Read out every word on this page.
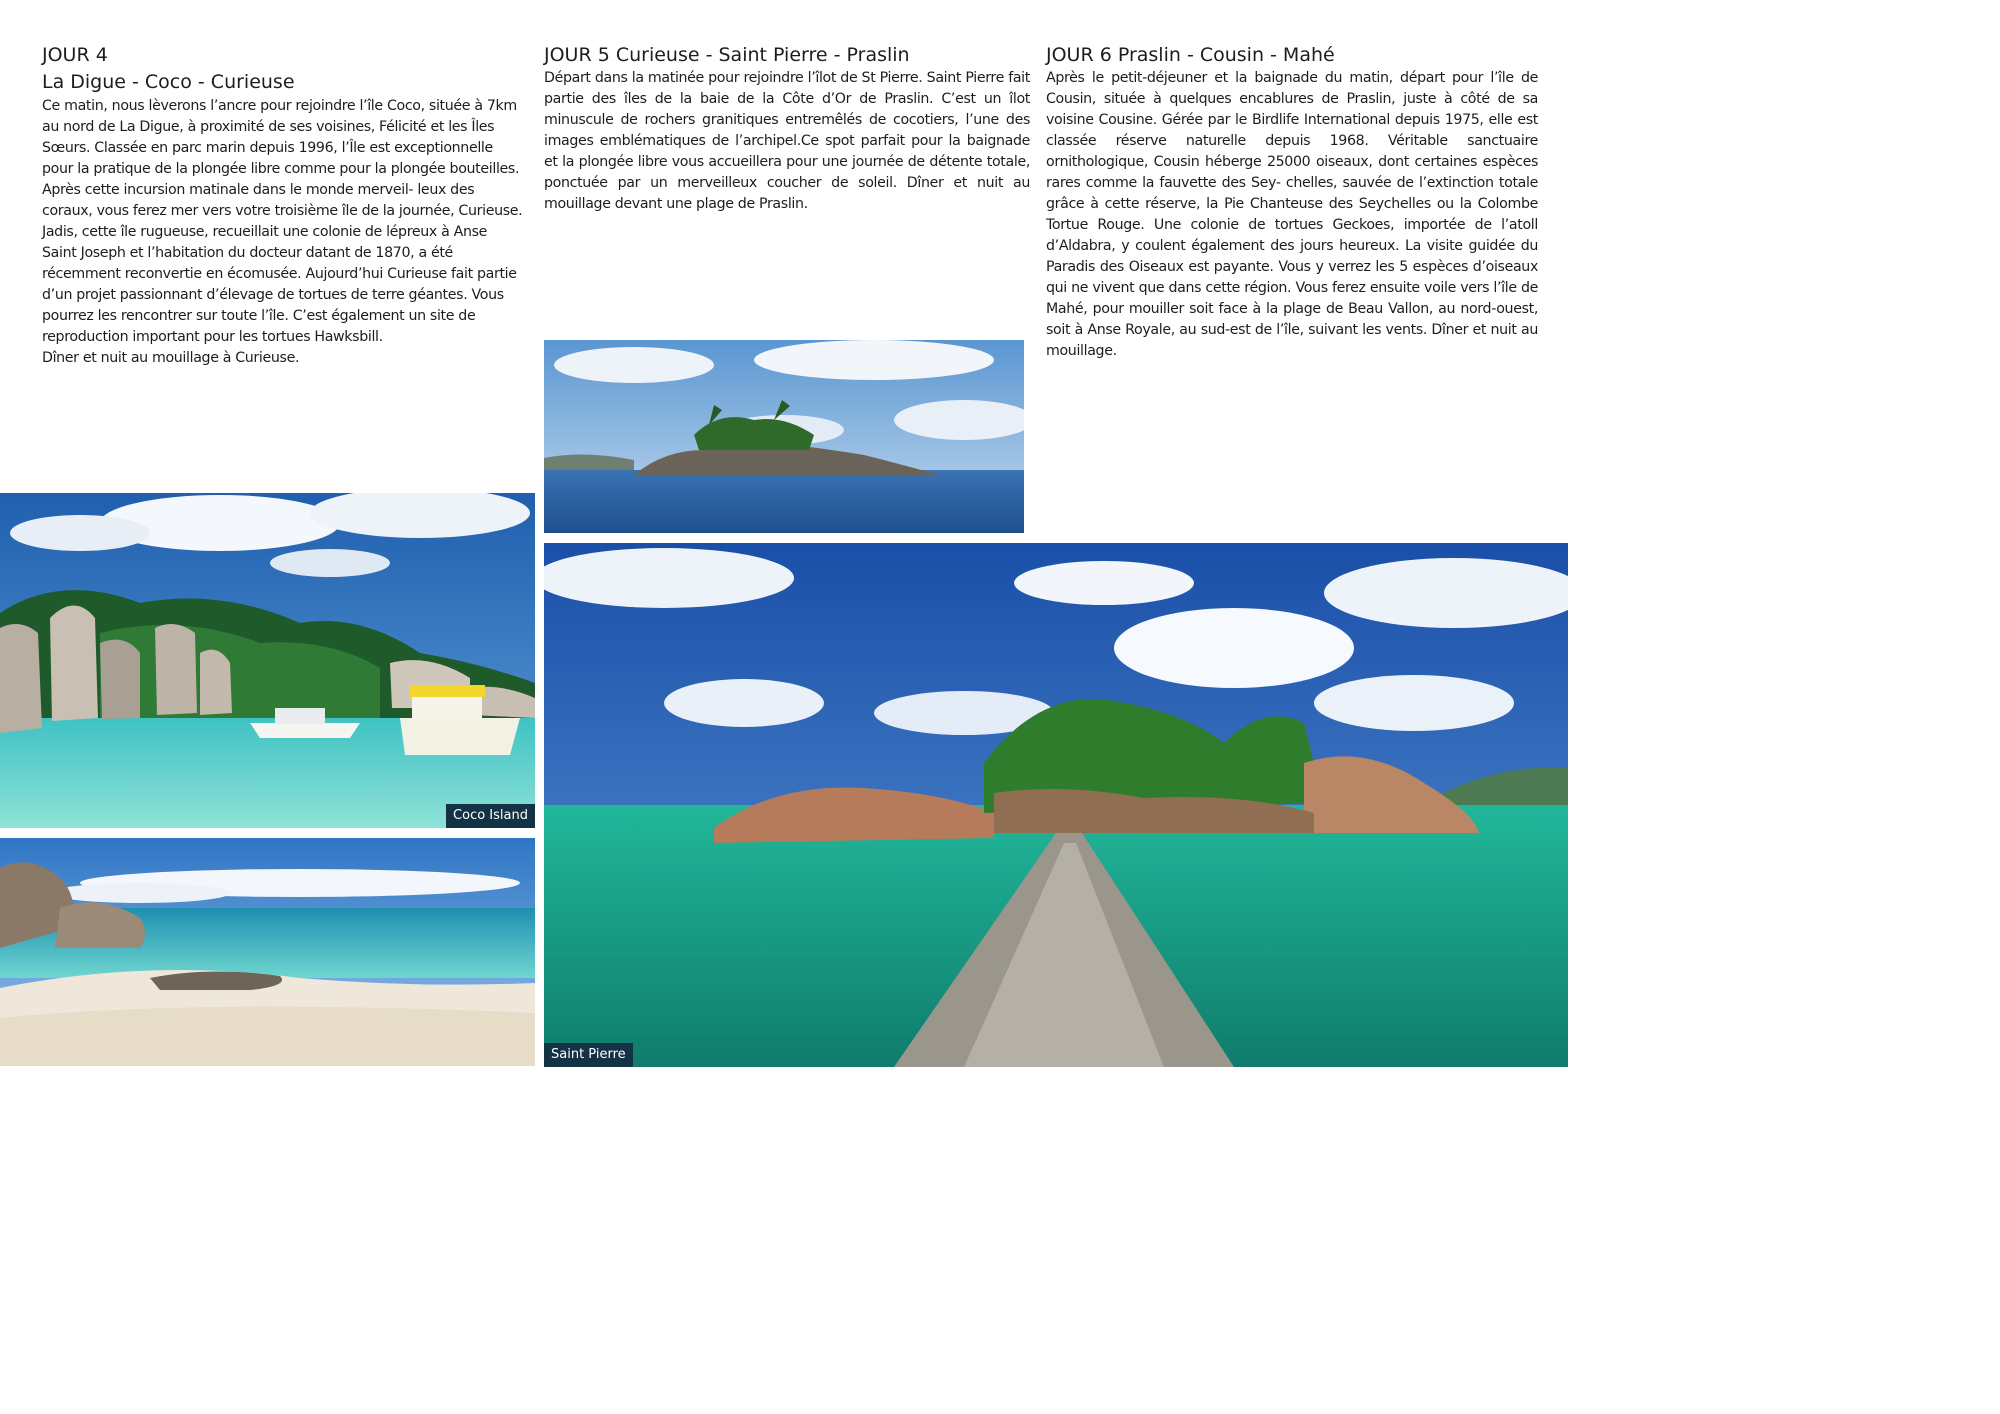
JOUR 4
La Digue - Coco - Curieuse

Ce matin, nous lèverons l’ancre pour rejoindre l’île Coco, située à 7km au nord de La Digue, à proximité de ses voisines, Félicité et les Îles Sœurs. Classée en parc marin depuis 1996, l’Île est exceptionnelle pour la pratique de la plongée libre comme pour la plongée bouteilles.

Après cette incursion matinale dans le monde merveil- leux des coraux, vous ferez mer vers votre troisième île de la journée, Curieuse. Jadis, cette île rugueuse, recueillait une colonie de lépreux à Anse Saint Joseph et l’habitation du docteur datant de 1870, a été récemment reconvertie en écomusée. Aujourd’hui Curieuse fait partie d’un projet passionnant d’élevage de tortues de terre géantes. Vous pourrez les rencontrer sur toute l’île. C’est également un site de reproduction important pour les tortues Hawksbill.

Dîner et nuit au mouillage à Curieuse.

JOUR 5 Curieuse - Saint Pierre - Praslin

Départ dans la matinée pour rejoindre l’îlot de St Pierre. Saint Pierre fait partie des îles de la baie de la Côte d’Or de Praslin. C’est un îlot minuscule de rochers granitiques entremêlés de cocotiers, l’une des images emblématiques de l’archipel.Ce spot parfait pour la baignade et la plongée libre vous accueillera pour une journée de détente totale, ponctuée par un merveilleux coucher de soleil. Dîner et nuit au mouillage devant une plage de Praslin.

JOUR 6 Praslin - Cousin - Mahé

Après le petit-déjeuner et la baignade du matin, départ pour l’île de Cousin, située à quelques encablures de Praslin, juste à côté de sa voisine Cousine. Gérée par le Birdlife International depuis 1975, elle est classée réserve naturelle depuis 1968. Véritable sanctuaire ornithologique, Cousin héberge 25000 oiseaux, dont certaines espèces rares comme la fauvette des Sey- chelles, sauvée de l’extinction totale grâce à cette réserve, la Pie Chanteuse des Seychelles ou la Colombe Tortue Rouge. Une colonie de tortues Geckoes, importée de l’atoll d’Aldabra, y coulent également des jours heureux. La visite guidée du Paradis des Oiseaux est payante. Vous y verrez les 5 espèces d’oiseaux qui ne vivent que dans cette région. Vous ferez ensuite voile vers l’île de Mahé, pour mouiller soit face à la plage de Beau Vallon, au nord-ouest, soit à Anse Royale, au sud-est de l’île, suivant les vents. Dîner et nuit au mouillage.

Coco Island
Saint Pierre
